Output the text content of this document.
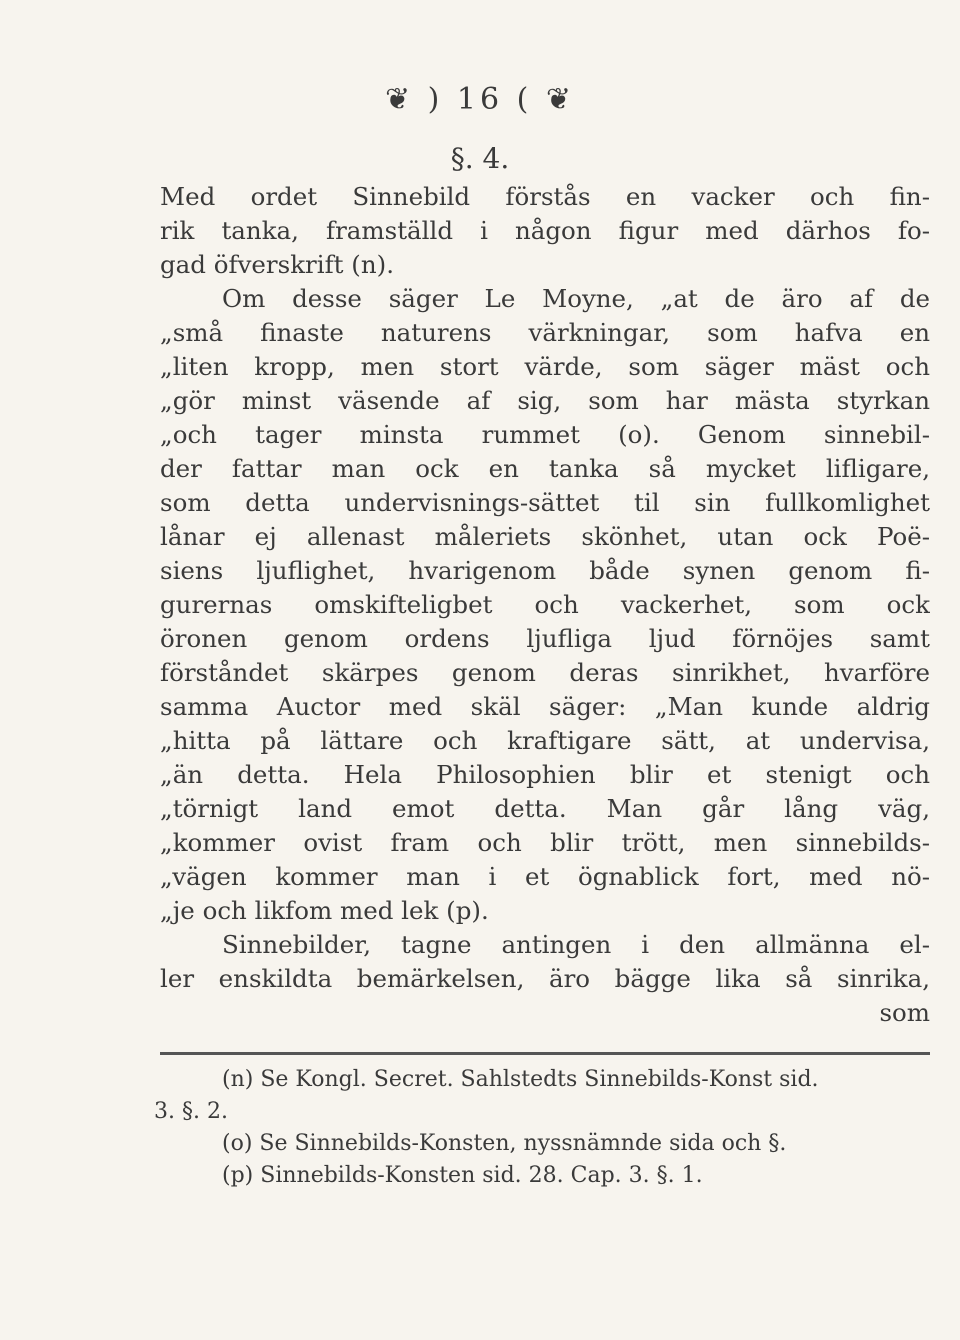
❦ ) 16 ( ❦
§. 4.
Med ordet Sinnebild förstås en vacker och fin-
rik tanka, framställd i någon figur med därhos fo-
gad öfverskrift (n).
Om desse säger Le Moyne, „at de äro af de
„små finaste naturens värkningar, som hafva en
„liten kropp, men stort värde, som säger mäst och
„gör minst väsende af sig, som har mästa styrkan
„och tager minsta rummet (o). Genom sinnebil-
der fattar man ock en tanka så mycket lifligare,
som detta undervisnings-sättet til sin fullkomlighet
lånar ej allenast måleriets skönhet, utan ock Poë-
siens ljuflighet, hvarigenom både synen genom fi-
gurernas omskifteligbet och vackerhet, som ock
öronen genom ordens ljufliga ljud förnöjes samt
förståndet skärpes genom deras sinrikhet, hvarföre
samma Auctor med skäl säger: „Man kunde aldrig
„hitta på lättare och kraftigare sätt, at undervisa,
„än detta. Hela Philosophien blir et stenigt och
„törnigt land emot detta. Man går lång väg,
„kommer ovist fram och blir trött, men sinnebilds-
„vägen kommer man i et ögnablick fort, med nö-
„je och likfom med lek (p).
Sinnebilder, tagne antingen i den allmänna el-
ler enskildta bemärkelsen, äro bägge lika så sinrika,
som
(n) Se Kongl. Secret. Sahlstedts Sinnebilds-Konst sid.
3. §. 2.
(o) Se Sinnebilds-Konsten, nyssnämnde sida och §.
(p) Sinnebilds-Konsten sid. 28. Cap. 3. §. 1.
